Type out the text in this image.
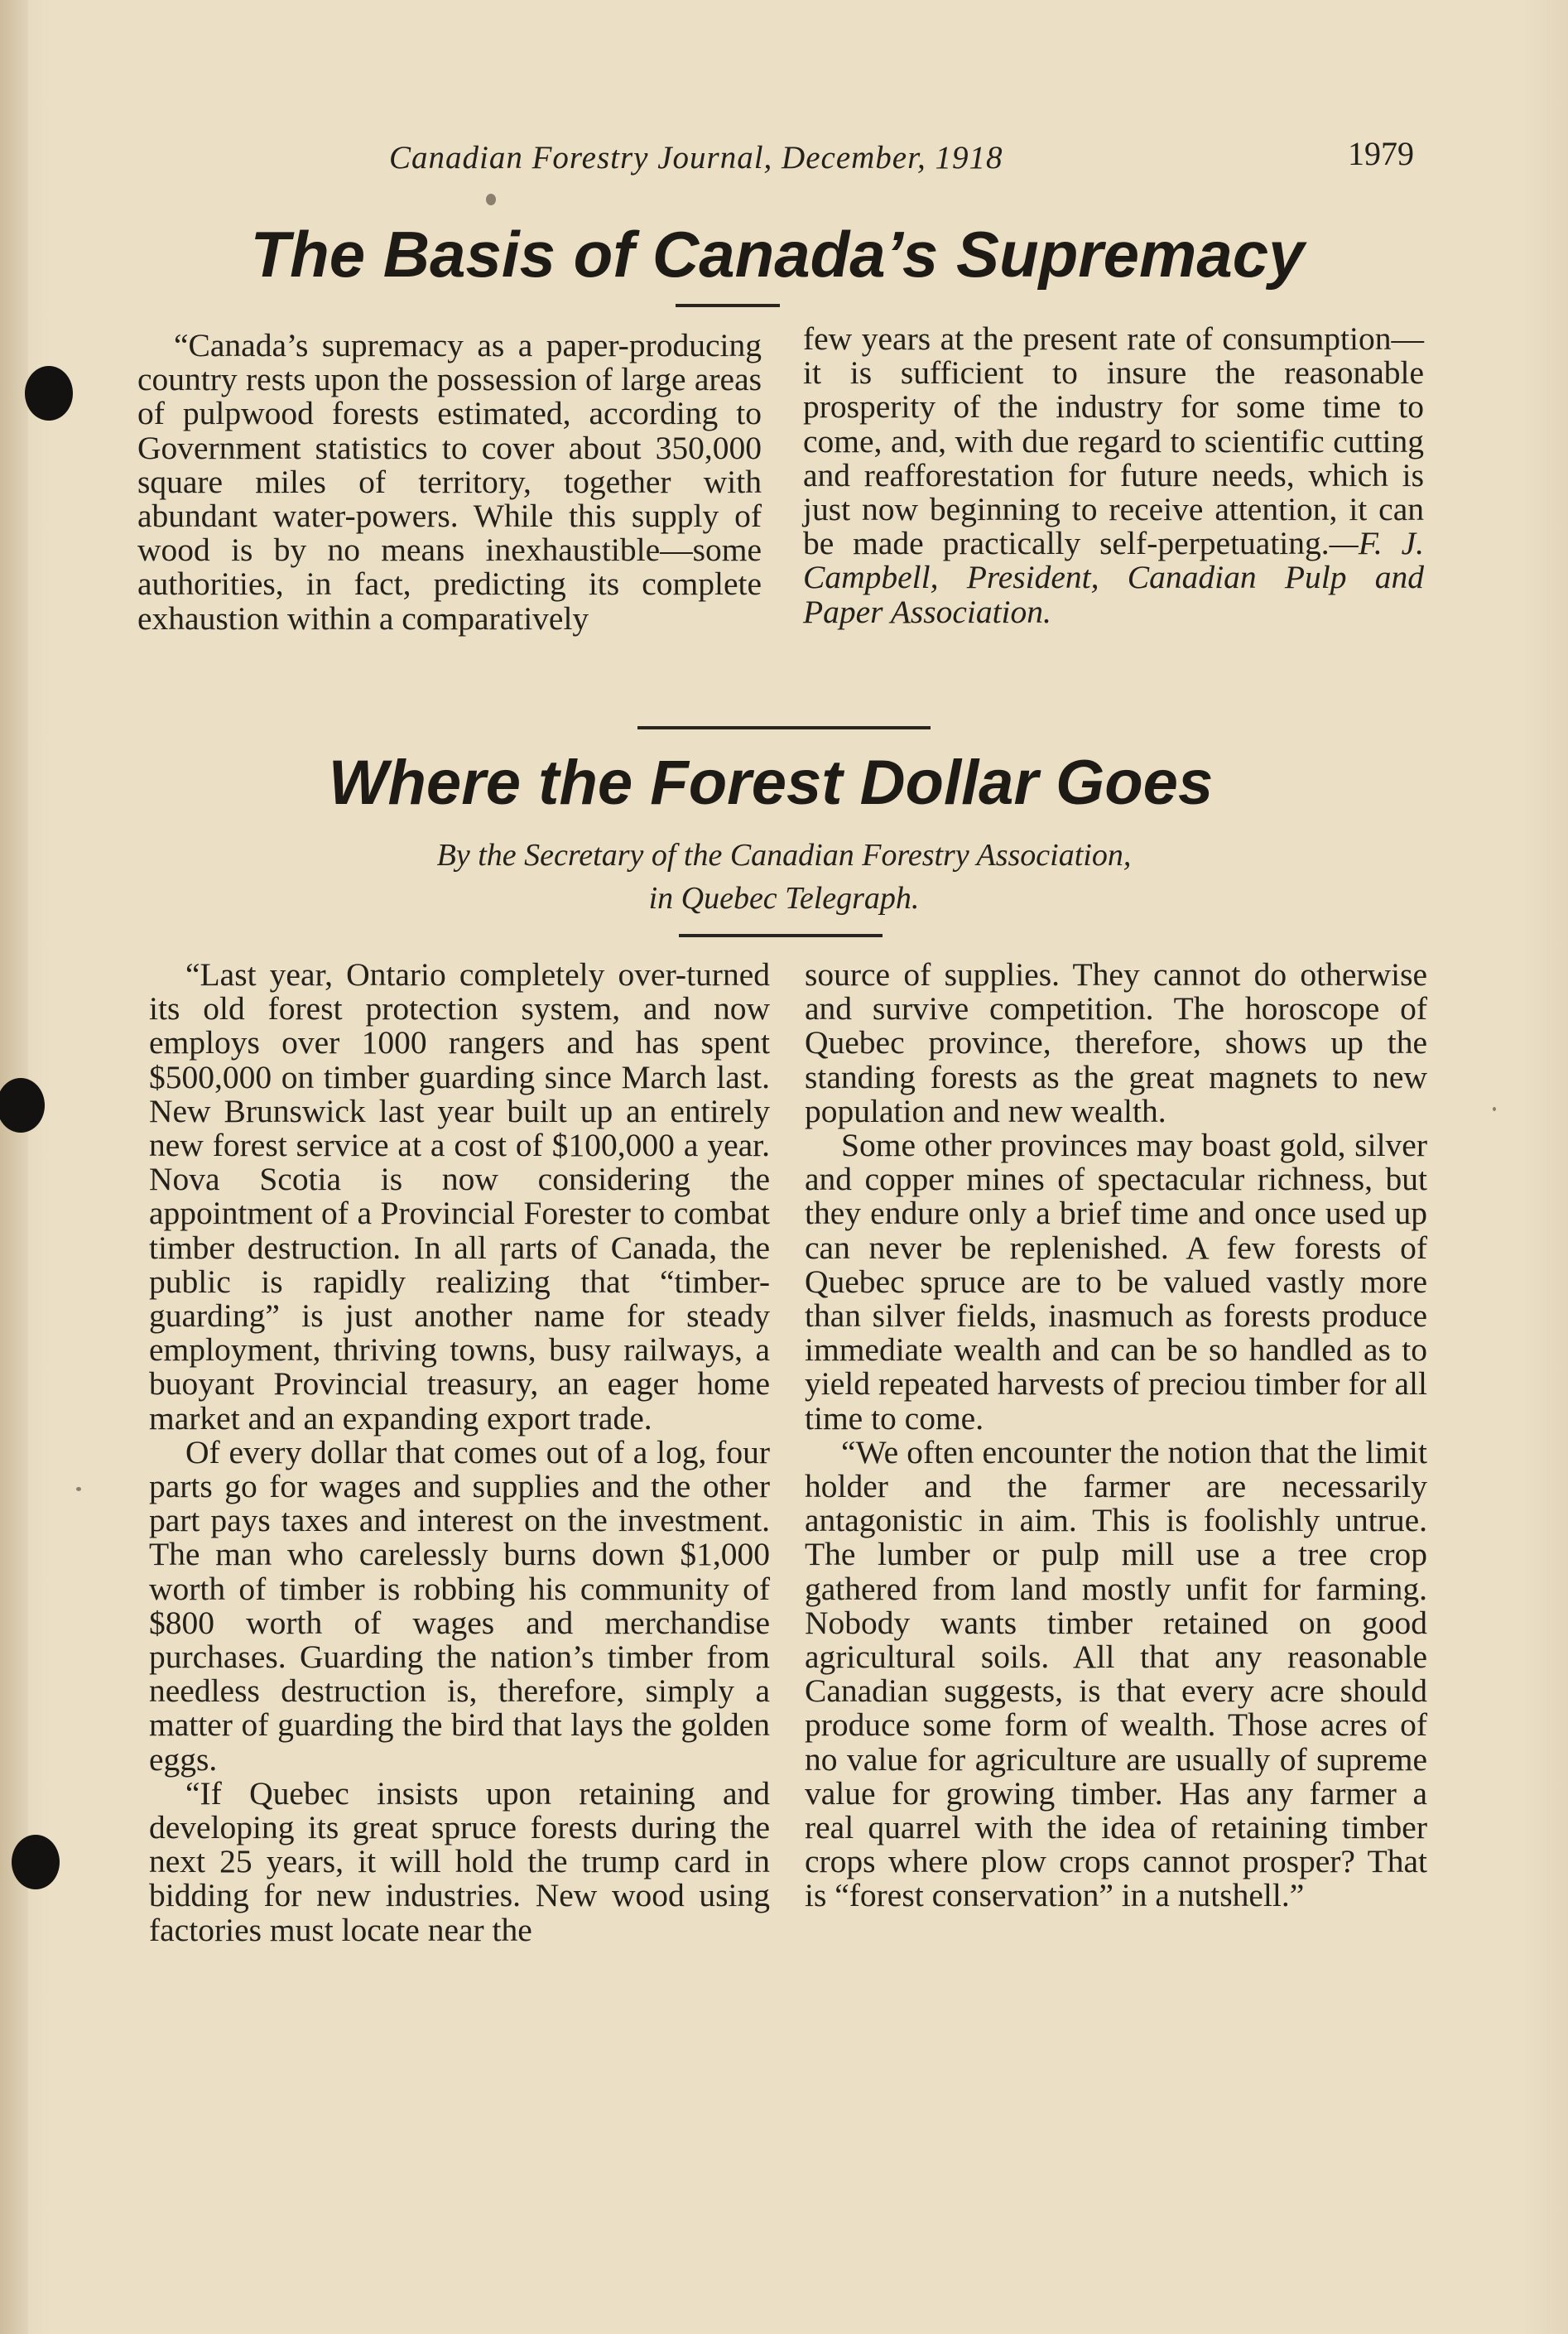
Canadian Forestry Journal, December, 1918	1979
The Basis of Canada’s Supremacy

“Canada’s supremacy as a paper-producing country rests upon the possession of large areas of pulpwood forests estimated, according to Government statistics to cover about 350,000 square miles of territory, together with abundant water-powers. While this supply of wood is by no means inexhaustible—some authorities, in fact, predicting its complete exhaustion within a comparatively

few years at the present rate of consumption—it is sufficient to insure the reasonable prosperity of the industry for some time to come, and, with due regard to scientific cutting and reafforestation for future needs, which is just now beginning to receive attention, it can be made practically self-perpetuating.—F. J. Campbell, President, Canadian Pulp and Paper Association.

Where the Forest Dollar Goes
By the Secretary of the Canadian Forestry Association,
in Quebec Telegraph.

“Last year, Ontario completely over-turned its old forest protection system, and now employs over 1000 rangers and has spent $500,000 on timber guarding since March last. New Brunswick last year built up an entirely new forest service at a cost of $100,000 a year. Nova Scotia is now considering the appointment of a Provincial Forester to combat timber destruction. In all ɼarts of Canada, the public is rapidly realizing that “timber- guarding” is just another name for steady employment, thriving towns, busy railways, a buoyant Provincial treasury, an eager home market and an expanding export trade.

Of every dollar that comes out of a log, four parts go for wages and supplies and the other part pays taxes and interest on the investment. The man who carelessly burns down $1,000 worth of timber is robbing his community of $800 worth of wages and merchandise purchases. Guarding the nation’s timber from needless destruction is, therefore, simply a matter of guarding the bird that lays the golden eggs.

“If Quebec insists upon retaining and developing its great spruce forests during the next 25 years, it will hold the trump card in bidding for new industries. New wood using factories must locate near the

source of supplies. They cannot do otherwise and survive competition. The horoscope of Quebec province, therefore, shows up the standing forests as the great magnets to new population and new wealth.

Some other provinces may boast gold, silver and copper mines of spectacular richness, but they endure only a brief time and once used up can never be replenished. A few forests of Quebec spruce are to be valued vastly more than silver fields, inasmuch as forests produce immediate wealth and can be so handled as to yield repeated harvests of preciou timber for all time to come.

“We often encounter the notion that the limit holder and the farmer are necessarily antagonistic in aim. This is foolishly untrue. The lumber or pulp mill use a tree crop gathered from land mostly unfit for farming. Nobody wants timber retained on good agricultural soils. All that any reasonable Canadian suggests, is that every acre should produce some form of wealth. Those acres of no value for agriculture are usually of supreme value for growing timber. Has any farmer a real quarrel with the idea of retaining timber crops where plow crops cannot prosper? That is “forest conservation” in a nutshell.”
